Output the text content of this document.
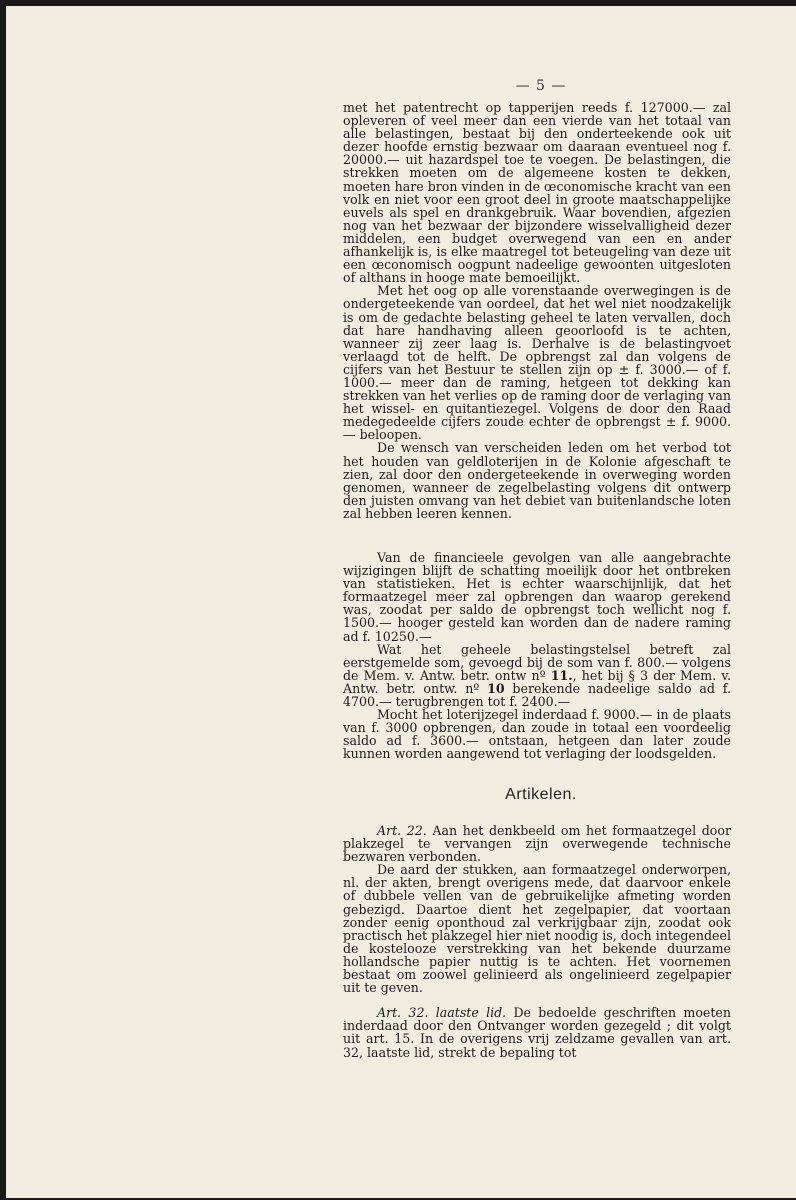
— 5 —

met het patentrecht op tapperijen reeds f. 127000.— zal opleveren of veel meer dan een vierde van het totaal van alle belastingen, bestaat bij den onderteekende ook uit dezer hoofde ernstig bezwaar om daaraan eventueel nog f. 20000.— uit hazardspel toe te voegen. De belastingen, die strekken moeten om de algemeene kosten te dekken, moeten hare bron vinden in de œconomische kracht van een volk en niet voor een groot deel in groote maatschappelijke euvels als spel en drankgebruik. Waar bovendien, afgezien nog van het bezwaar der bijzondere wisselvalligheid dezer middelen, een budget overwegend van een en ander afhankelijk is, is elke maatregel tot beteugeling van deze uit een œconomisch oogpunt nadeelige gewoonten uitgesloten of althans in hooge mate bemoeilijkt.

Met het oog op alle vorenstaande overwegingen is de ondergeteekende van oordeel, dat het wel niet noodzakelijk is om de gedachte belasting geheel te laten vervallen, doch dat hare handhaving alleen geoorloofd is te achten, wanneer zij zeer laag is. Derhalve is de belastingvoet verlaagd tot de helft. De opbrengst zal dan volgens de cijfers van het Bestuur te stellen zijn op ± f. 3000.— of f. 1000.— meer dan de raming, hetgeen tot dekking kan strekken van het verlies op de raming door de verlaging van het wissel- en quitantiezegel. Volgens de door den Raad medegedeelde cijfers zoude echter de opbrengst ± f. 9000.— beloopen.

De wensch van verscheiden leden om het verbod tot het houden van geldloterijen in de Kolonie afgeschaft te zien, zal door den ondergeteekende in overweging worden genomen, wanneer de zegelbelasting volgens dit ontwerp den juisten omvang van het debiet van buitenlandsche loten zal hebben leeren kennen.

Van de financieele gevolgen van alle aangebrachte wijzigingen blijft de schatting moeilijk door het ontbreken van statistieken. Het is echter waarschijnlijk, dat het formaatzegel meer zal opbrengen dan waarop gerekend was, zoodat per saldo de opbrengst toch wellicht nog f. 1500.— hooger gesteld kan worden dan de nadere raming ad f. 10250.—

Wat het geheele belastingstelsel betreft zal eerstgemelde som, gevoegd bij de som van f. 800.— volgens de Mem. v. Antw. betr. ontw nº 11., het bij § 3 der Mem. v. Antw. betr. ontw. nº 10 berekende nadeelige saldo ad f. 4700.— terugbrengen tot f. 2400.—

Mocht het loterijzegel inderdaad f. 9000.— in de plaats van f. 3000 opbrengen, dan zoude in totaal een voordeelig saldo ad f. 3600.— ontstaan, hetgeen dan later zoude kunnen worden aangewend tot verlaging der loodsgelden.

Artikelen.

Art. 22. Aan het denkbeeld om het formaatzegel door plakzegel te vervangen zijn overwegende technische bezwaren verbonden.

De aard der stukken, aan formaatzegel onderworpen, nl. der akten, brengt overigens mede, dat daarvoor enkele of dubbele vellen van de gebruikelijke afmeting worden gebezigd. Daartoe dient het zegelpapier, dat voortaan zonder eenig oponthoud zal verkrijgbaar zijn, zoodat ook practisch het plakzegel hier niet noodig is, doch integendeel de kostelooze verstrekking van het bekende duurzame hollandsche papier nuttig is te achten. Het voornemen bestaat om zoowel gelinieerd als ongelinieerd zegelpapier uit te geven.

Art. 32. laatste lid. De bedoelde geschriften moeten inderdaad door den Ontvanger worden gezegeld ; dit volgt uit art. 15. In de overigens vrij zeldzame gevallen van art. 32, laatste lid, strekt de bepaling tot
